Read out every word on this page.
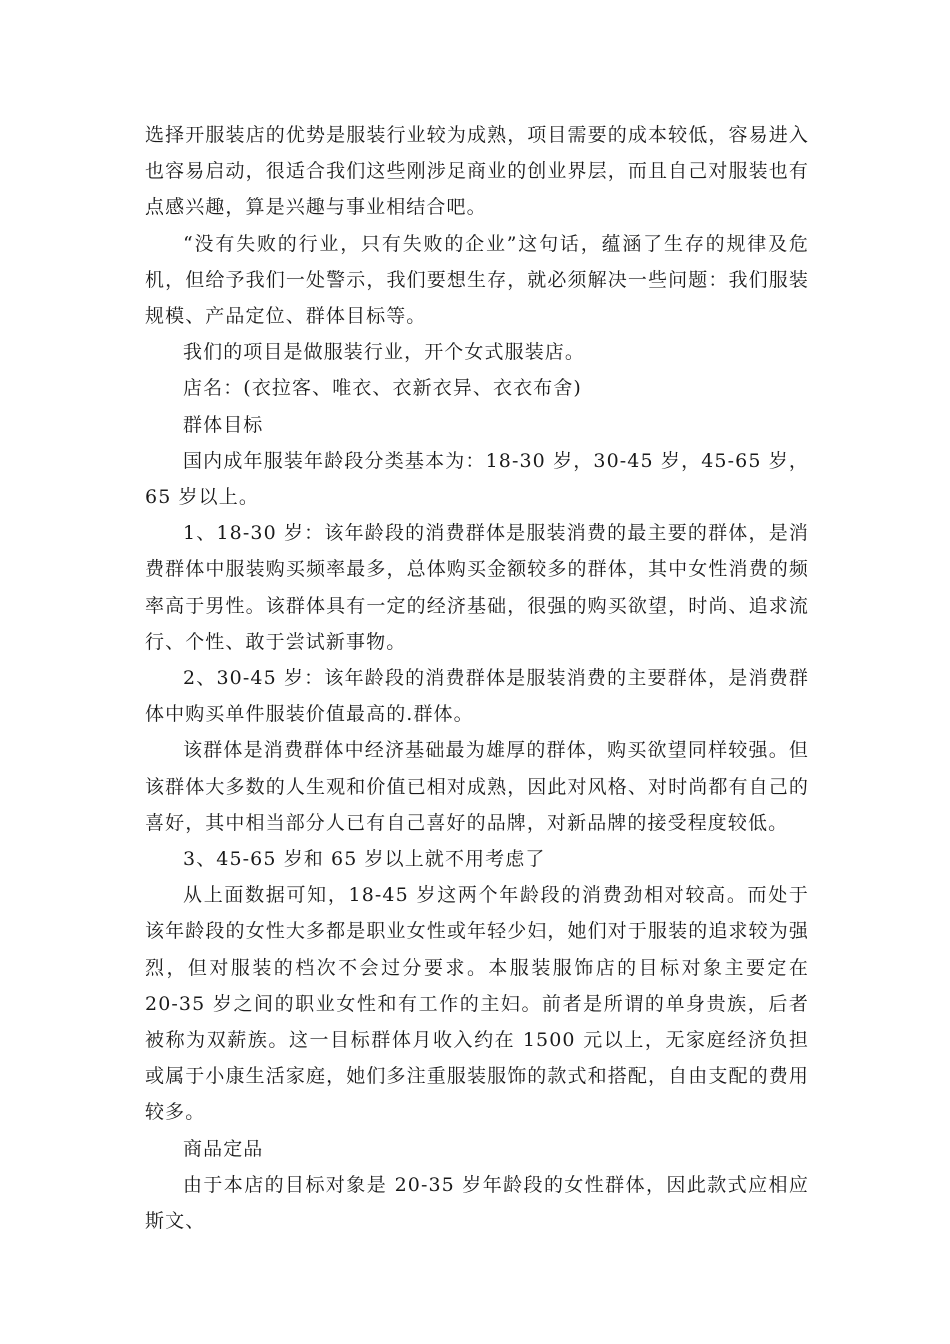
选择开服装店的优势是服装行业较为成熟，项目需要的成本较低，容易进入也容易启动，很适合我们这些刚涉足商业的创业界层，而且自己对服装也有点感兴趣，算是兴趣与事业相结合吧。

“没有失败的行业，只有失败的企业”这句话，蕴涵了生存的规律及危机，但给予我们一处警示，我们要想生存，就必须解决一些问题：我们服装规模、产品定位、群体目标等。

我们的项目是做服装行业，开个女式服装店。

店名：(衣拉客、唯衣、衣新衣异、衣衣布舍)

群体目标

国内成年服装年龄段分类基本为：18-30 岁，30-45 岁，45-65 岁，65 岁以上。

1、18-30 岁：该年龄段的消费群体是服装消费的最主要的群体，是消费群体中服装购买频率最多，总体购买金额较多的群体，其中女性消费的频率高于男性。该群体具有一定的经济基础，很强的购买欲望，时尚、追求流行、个性、敢于尝试新事物。

2、30-45 岁：该年龄段的消费群体是服装消费的主要群体，是消费群体中购买单件服装价值最高的.群体。

该群体是消费群体中经济基础最为雄厚的群体，购买欲望同样较强。但该群体大多数的人生观和价值已相对成熟，因此对风格、对时尚都有自己的喜好，其中相当部分人已有自己喜好的品牌，对新品牌的接受程度较低。

3、45-65 岁和 65 岁以上就不用考虑了

从上面数据可知，18-45 岁这两个年龄段的消费劲相对较高。而处于该年龄段的女性大多都是职业女性或年轻少妇，她们对于服装的追求较为强烈，但对服装的档次不会过分要求。本服装服饰店的目标对象主要定在 20-35 岁之间的职业女性和有工作的主妇。前者是所谓的单身贵族，后者被称为双薪族。这一目标群体月收入约在 1500 元以上，无家庭经济负担或属于小康生活家庭，她们多注重服装服饰的款式和搭配，自由支配的费用较多。

商品定品

由于本店的目标对象是 20-35 岁年龄段的女性群体，因此款式应相应斯文、
